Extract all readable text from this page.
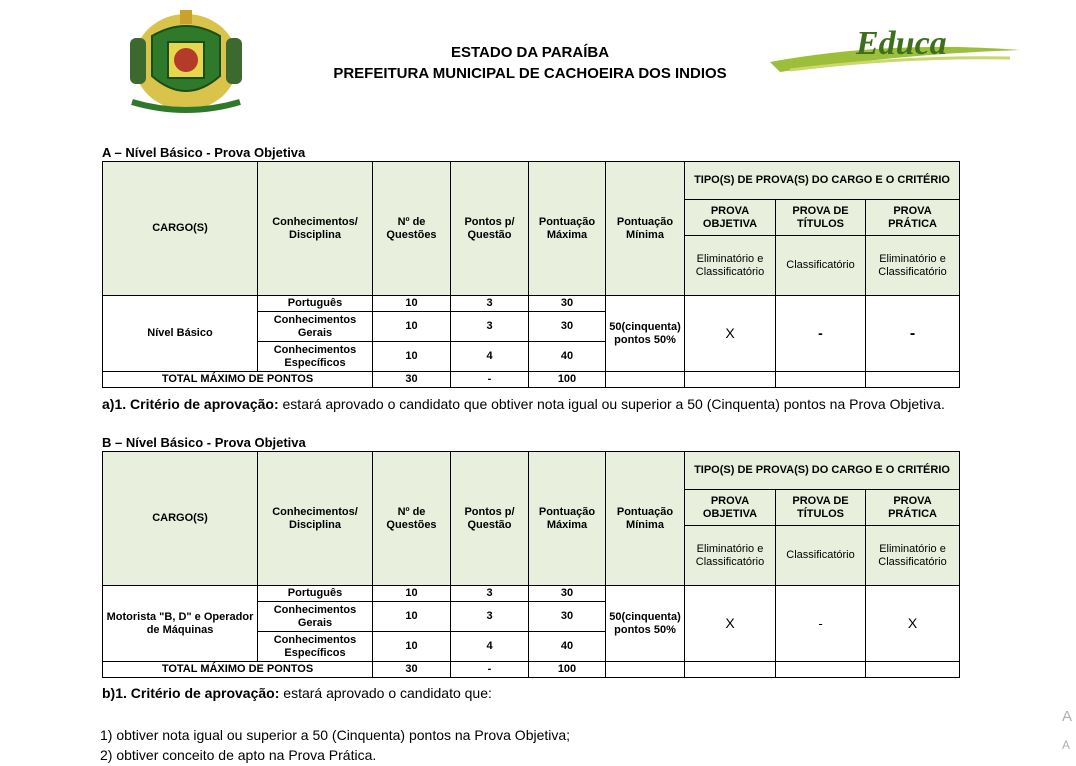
ESTADO DA PARAÍBA
PREFEITURA MUNICIPAL DE CACHOEIRA DOS INDIOS
Educa
A – Nível Básico - Prova Objetiva
CARGO(S)	Conhecimentos/ Disciplina	Nº de Questões	Pontos p/ Questão	Pontuação Máxima	Pontuação Mínima	TIPO(S) DE PROVA(S) DO CARGO E O CRITÉRIO		
						PROVA OBJETIVA	PROVA DE TÍTULOS	PROVA PRÁTICA
						Eliminatório e Classificatório	Classificatório	Eliminatório e Classificatório
Nível Básico	Português	10	3	30	50(cinquenta) pontos 50%	X	-	-
	Conhecimentos Gerais	10	3	30				
	Conhecimentos Específicos	10	4	40				
TOTAL MÁXIMO DE PONTOS		30	-	100				
a)1. Critério de aprovação: estará aprovado o candidato que obtiver nota igual ou superior a 50 (Cinquenta) pontos na Prova Objetiva.
B – Nível Básico - Prova Objetiva
CARGO(S)	Conhecimentos/ Disciplina	Nº de Questões	Pontos p/ Questão	Pontuação Máxima	Pontuação Mínima	TIPO(S) DE PROVA(S) DO CARGO E O CRITÉRIO		
						PROVA OBJETIVA	PROVA DE TÍTULOS	PROVA PRÁTICA
						Eliminatório e Classificatório	Classificatório	Eliminatório e Classificatório
Motorista "B, D" e Operador de Máquinas	Português	10	3	30	50(cinquenta) pontos 50%	X	-	X
	Conhecimentos Gerais	10	3	30				
	Conhecimentos Específicos	10	4	40				
TOTAL MÁXIMO DE PONTOS		30	-	100				
b)1. Critério de aprovação: estará aprovado o candidato que:
1) obtiver nota igual ou superior a 50 (Cinquenta) pontos na Prova Objetiva;
2) obtiver conceito de apto na Prova Prática.
A
A
